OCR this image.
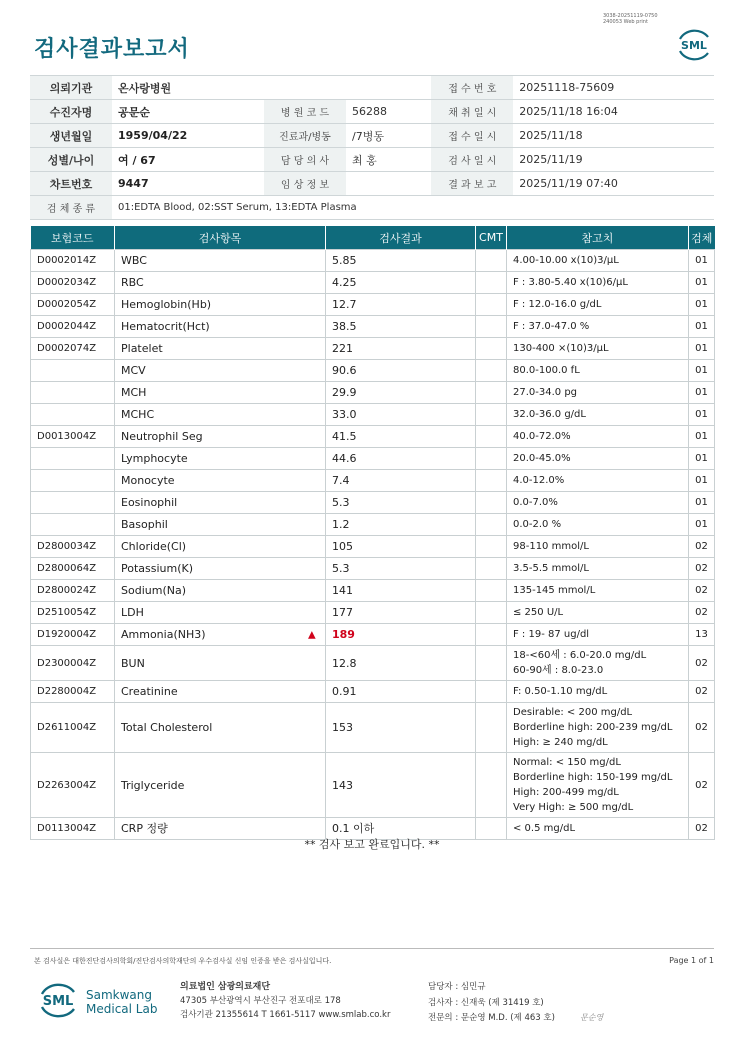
검사결과보고서
3038-20251119-0750
240053 Web print
SML
의뢰기관	온사랑병원			접 수 번 호	20251118-75609
수진자명	공문순	병 원 코 드	56288	채 취 일 시	2025/11/18 16:04
생년월일	1959/04/22	진료과/병동	/7병동	접 수 일 시	2025/11/18
성별/나이	여 / 67	담 당 의 사	최 홍	검 사 일 시	2025/11/19
차트번호	9447	임 상 정 보		결 과 보 고	2025/11/19 07:40
검 체 종 류	01:EDTA Blood, 02:SST Serum, 13:EDTA Plasma				
보험코드	검사항목	검사결과	CMT	참고치	검체
D0002014Z	WBC	5.85		4.00-10.00 x(10)3/μL	01
D0002034Z	RBC	4.25		F : 3.80-5.40 x(10)6/μL	01
D0002054Z	Hemoglobin(Hb)	12.7		F : 12.0-16.0 g/dL	01
D0002044Z	Hematocrit(Hct)	38.5		F : 37.0-47.0 %	01
D0002074Z	Platelet	221		130-400 ×(10)3/μL	01
	MCV	90.6		80.0-100.0 fL	01
	MCH	29.9		27.0-34.0 pg	01
	MCHC	33.0		32.0-36.0 g/dL	01
D0013004Z	Neutrophil Seg	41.5		40.0-72.0%	01
	Lymphocyte	44.6		20.0-45.0%	01
	Monocyte	7.4		4.0-12.0%	01
	Eosinophil	5.3		0.0-7.0%	01
	Basophil	1.2		0.0-2.0 %	01
D2800034Z	Chloride(Cl)	105		98-110 mmol/L	02
D2800064Z	Potassium(K)	5.3		3.5-5.5 mmol/L	02
D2800024Z	Sodium(Na)	141		135-145 mmol/L	02
D2510054Z	LDH	177		≤ 250 U/L	02
D1920004Z	Ammonia(NH3)	▲ 189		F : 19- 87 ug/dl	13
D2300004Z	BUN	12.8		18-<60세 : 6.0-20.0 mg/dL
60-90세 : 8.0-23.0	02
D2280004Z	Creatinine	0.91		F: 0.50-1.10 mg/dL	02
D2611004Z	Total Cholesterol	153		Desirable: < 200 mg/dL
Borderline high: 200-239 mg/dL
High: ≥ 240 mg/dL	02
D2263004Z	Triglyceride	143		Normal: < 150 mg/dL
Borderline high: 150-199 mg/dL
High: 200-499 mg/dL
Very High: ≥ 500 mg/dL	02
D0113004Z	CRP 정량	0.1 이하		< 0.5 mg/dL	02
** 검사 보고 완료입니다. **
본 검사실은 대한진단검사의학회/진단검사의학재단의 우수검사실 신임 인증을 받은 검사실입니다.	Page 1 of 1
SML Samkwang
Medical Lab
의료법인 삼광의료재단
47305 부산광역시 부산진구 전포대로 178
검사기관 21355614 T 1661-5117 www.smlab.co.kr
담당자 : 심민규
검사자 : 신재욱 (제 31419 호)
전문의 : 문순영 M.D. (제 463 호)	문순영
